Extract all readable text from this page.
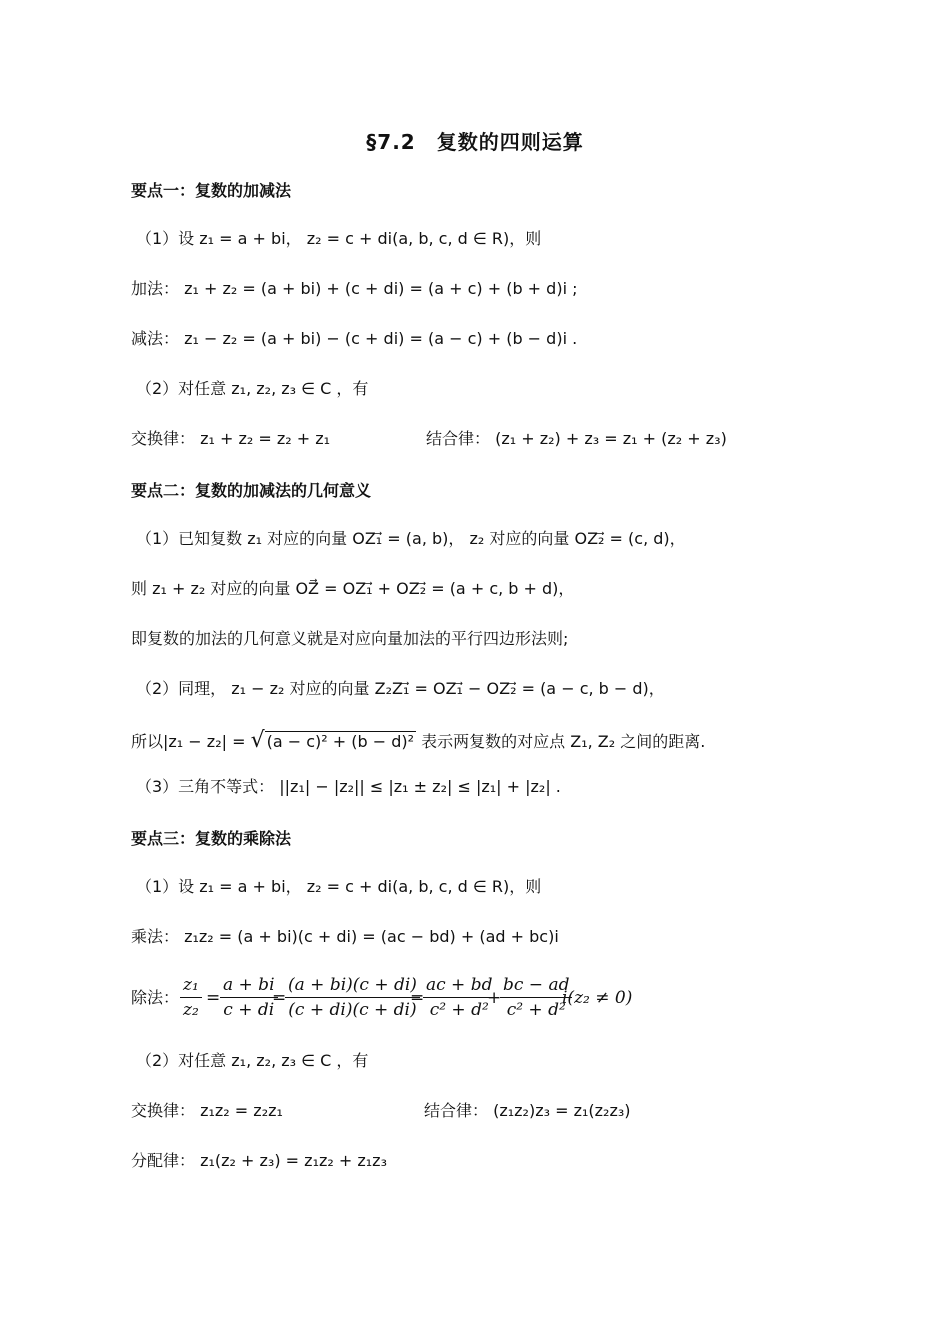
§7.2　复数的四则运算
要点一：复数的加减法
（1）设 z₁ = a + bi， z₂ = c + di(a, b, c, d ∈ R)，则
加法： z₁ + z₂ = (a + bi) + (c + di) = (a + c) + (b + d)i ;
减法： z₁ − z₂ = (a + bi) − (c + di) = (a − c) + (b − d)i .
（2）对任意 z₁, z₂, z₃ ∈ C ，有
交换律： z₁ + z₂ = z₂ + z₁	结合律： (z₁ + z₂) + z₃ = z₁ + (z₂ + z₃)
要点二：复数的加减法的几何意义
（1）已知复数 z₁ 对应的向量 OZ₁⃗ = (a, b)， z₂ 对应的向量 OZ₂⃗ = (c, d)，
则 z₁ + z₂ 对应的向量 OZ⃗ = OZ₁⃗ + OZ₂⃗ = (a + c, b + d)，
即复数的加法的几何意义就是对应向量加法的平行四边形法则;
（2）同理， z₁ − z₂ 对应的向量 Z₂Z₁⃗ = OZ₁⃗ − OZ₂⃗ = (a − c, b − d)，
所以|z₁ − z₂| = √ (a − c)² + (b − d)² 表示两复数的对应点 Z₁, Z₂ 之间的距离.
（3）三角不等式： ||z₁| − |z₂|| ≤ |z₁ ± z₂| ≤ |z₁| + |z₂| .
要点三：复数的乘除法
（1）设 z₁ = a + bi， z₂ = c + di(a, b, c, d ∈ R)，则
乘法： z₁z₂ = (a + bi)(c + di) = (ac − bd) + (ad + bc)i
除法： $\frac{\text{z₁}}{\text{z₂}} = \frac{a + bi}{c + di}$
=
$\frac{(a + bi)(c + di)}{(c + di)(c + di)}$
=
$\frac{ac + bd}{\text{c² + d²}}$
+
$\frac{bc - ad}{\text{c² + d²}}$
i(z₂ ≠ 0)
（2）对任意 z₁, z₂, z₃ ∈ C ，有
交换律： z₁z₂ = z₂z₁	结合律： (z₁z₂)z₃ = z₁(z₂z₃)
分配律： z₁(z₂ + z₃) = z₁z₂ + z₁z₃
